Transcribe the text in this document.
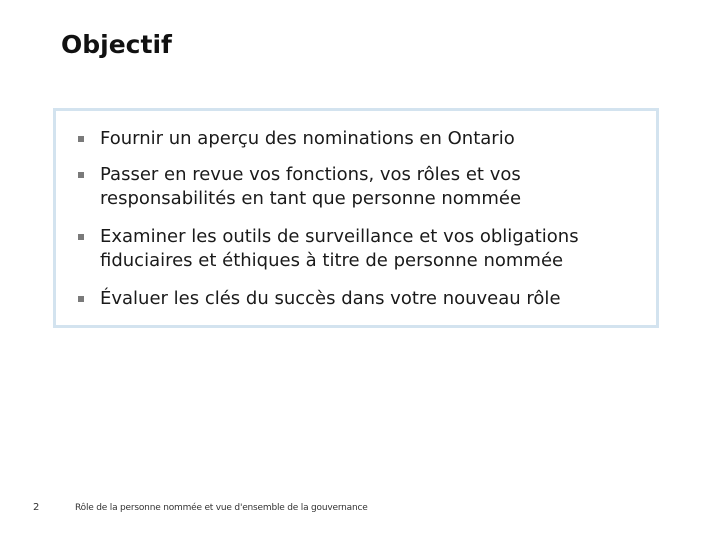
Objectif
Fournir un aperçu des nominations en Ontario
Passer en revue vos fonctions, vos rôles et vos responsabilités en tant que personne nommée
Examiner les outils de surveillance et vos obligations fiduciaires et éthiques à titre de personne nommée
Évaluer les clés du succès dans votre nouveau rôle
2	Rôle de la personne nommée et vue d'ensemble de la gouvernance
